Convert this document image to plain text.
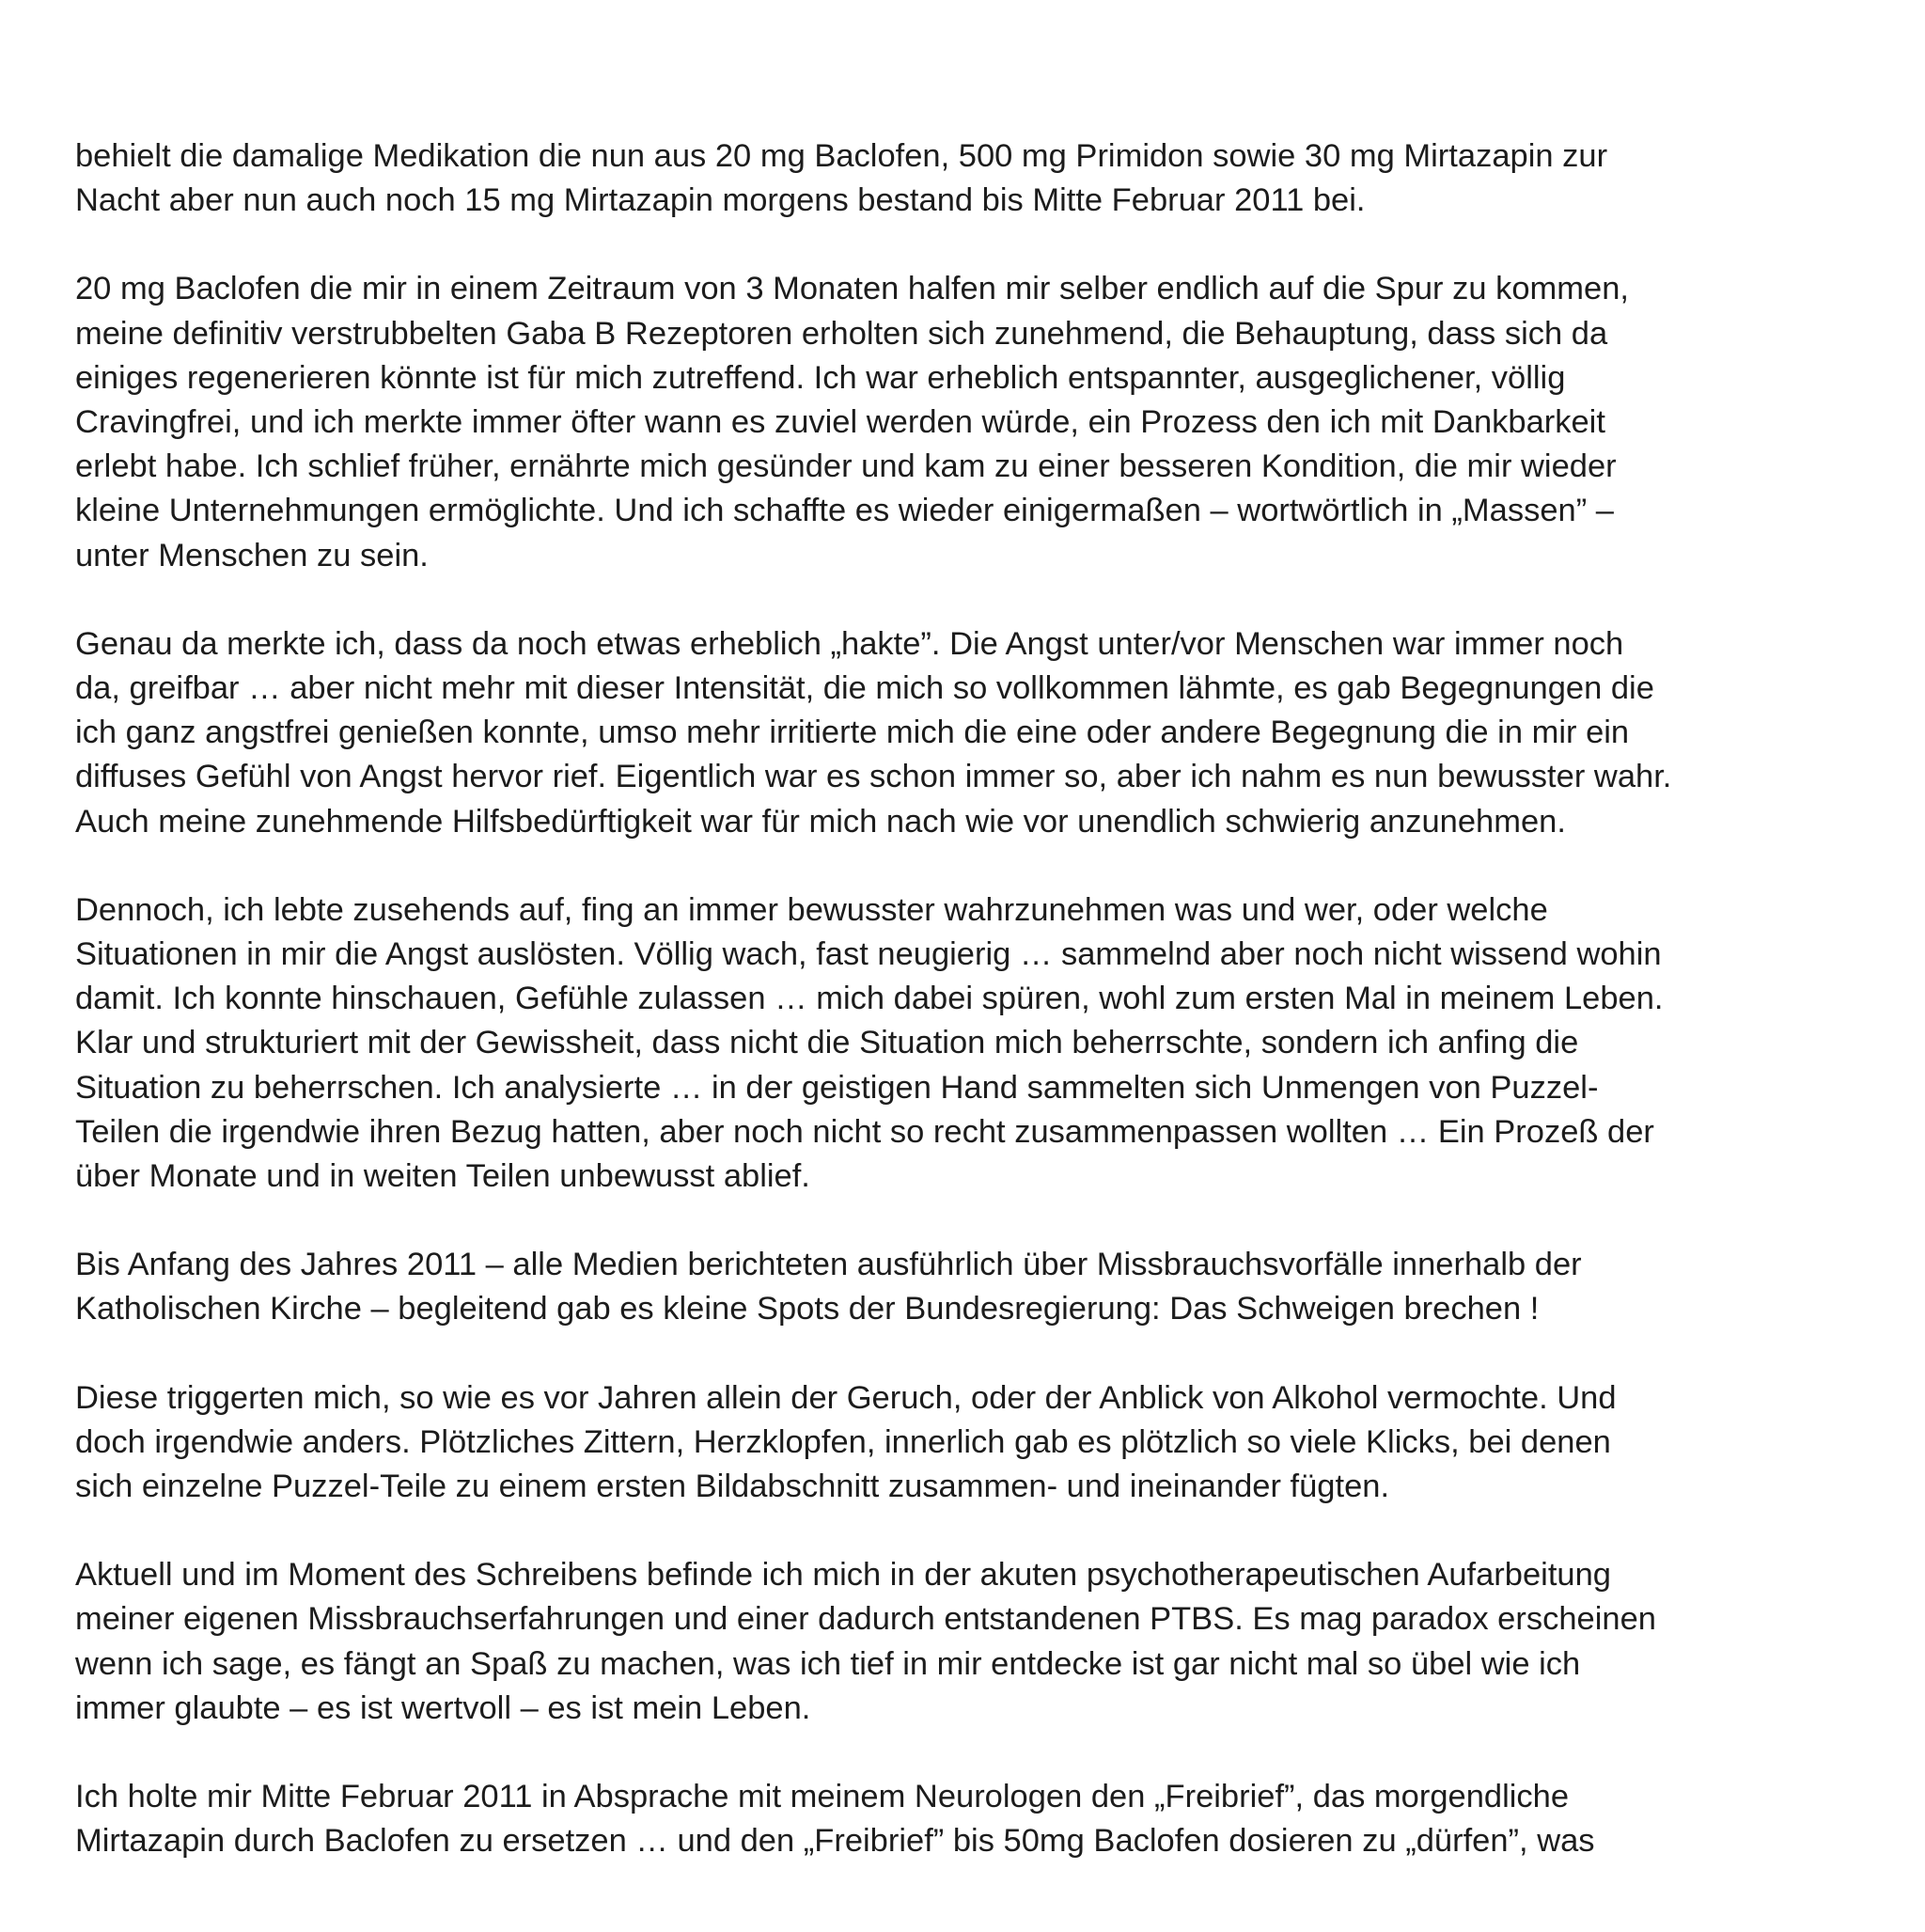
behielt die damalige Medikation die nun aus 20 mg Baclofen, 500 mg Primidon sowie 30 mg Mirtazapin zur
Nacht aber nun auch noch 15 mg Mirtazapin morgens bestand bis Mitte Februar 2011 bei.

20 mg Baclofen die mir in einem Zeitraum von 3 Monaten halfen mir selber endlich auf die Spur zu kommen,
meine definitiv verstrubbelten Gaba B Rezeptoren erholten sich zunehmend, die Behauptung, dass sich da
einiges regenerieren könnte ist für mich zutreffend. Ich war erheblich entspannter, ausgeglichener, völlig
Cravingfrei, und ich merkte immer öfter wann es zuviel werden würde, ein Prozess den ich mit Dankbarkeit
erlebt habe. Ich schlief früher, ernährte mich gesünder und kam zu einer besseren Kondition, die mir wieder
kleine Unternehmungen ermöglichte. Und ich schaffte es wieder einigermaßen – wortwörtlich in „Massen” –
unter Menschen zu sein.

Genau da merkte ich, dass da noch etwas erheblich „hakte”. Die Angst unter/vor Menschen war immer noch
da, greifbar … aber nicht mehr mit dieser Intensität, die mich so vollkommen lähmte, es gab Begegnungen die
ich ganz angstfrei genießen konnte, umso mehr irritierte mich die eine oder andere Begegnung die in mir ein
diffuses Gefühl von Angst hervor rief. Eigentlich war es schon immer so, aber ich nahm es nun bewusster wahr.
Auch meine zunehmende Hilfsbedürftigkeit war für mich nach wie vor unendlich schwierig anzunehmen.

Dennoch, ich lebte zusehends auf, fing an immer bewusster wahrzunehmen was und wer, oder welche
Situationen in mir die Angst auslösten. Völlig wach, fast neugierig … sammelnd aber noch nicht wissend wohin
damit. Ich konnte hinschauen, Gefühle zulassen … mich dabei spüren, wohl zum ersten Mal in meinem Leben.
Klar und strukturiert mit der Gewissheit, dass nicht die Situation mich beherrschte, sondern ich anfing die
Situation zu beherrschen. Ich analysierte … in der geistigen Hand sammelten sich Unmengen von Puzzel-
Teilen die irgendwie ihren Bezug hatten, aber noch nicht so recht zusammenpassen wollten … Ein Prozeß der
über Monate und in weiten Teilen unbewusst ablief.

Bis Anfang des Jahres 2011 – alle Medien berichteten ausführlich über Missbrauchsvorfälle innerhalb der
Katholischen Kirche – begleitend gab es kleine Spots der Bundesregierung: Das Schweigen brechen !

Diese triggerten mich, so wie es vor Jahren allein der Geruch, oder der Anblick von Alkohol vermochte. Und
doch irgendwie anders. Plötzliches Zittern, Herzklopfen, innerlich gab es plötzlich so viele Klicks, bei denen
sich einzelne Puzzel-Teile zu einem ersten Bildabschnitt zusammen- und ineinander fügten.

Aktuell und im Moment des Schreibens befinde ich mich in der akuten psychotherapeutischen Aufarbeitung
meiner eigenen Missbrauchserfahrungen und einer dadurch entstandenen PTBS. Es mag paradox erscheinen
wenn ich sage, es fängt an Spaß zu machen, was ich tief in mir entdecke ist gar nicht mal so übel wie ich
immer glaubte – es ist wertvoll – es ist mein Leben.

Ich holte mir Mitte Februar 2011 in Absprache mit meinem Neurologen den „Freibrief”, das morgendliche
Mirtazapin durch Baclofen zu ersetzen … und den „Freibrief” bis 50mg Baclofen dosieren zu „dürfen”, was
